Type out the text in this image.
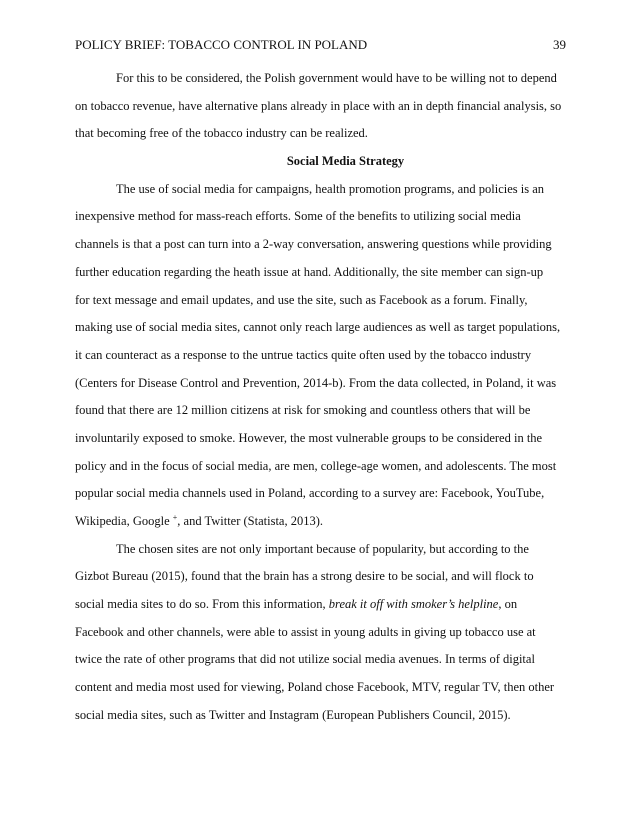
POLICY BRIEF: TOBACCO CONTROL IN POLAND	39
For this to be considered, the Polish government would have to be willing not to depend
on tobacco revenue, have alternative plans already in place with an in depth financial analysis, so
that becoming free of the tobacco industry can be realized.
Social Media Strategy
The use of social media for campaigns, health promotion programs, and policies is an
inexpensive method for mass-reach efforts. Some of the benefits to utilizing social media
channels is that a post can turn into a 2-way conversation, answering questions while providing
further education regarding the heath issue at hand. Additionally, the site member can sign-up
for text message and email updates, and use the site, such as Facebook as a forum. Finally,
making use of social media sites, cannot only reach large audiences as well as target populations,
it can counteract as a response to the untrue tactics quite often used by the tobacco industry
(Centers for Disease Control and Prevention, 2014-b). From the data collected, in Poland, it was
found that there are 12 million citizens at risk for smoking and countless others that will be
involuntarily exposed to smoke. However, the most vulnerable groups to be considered in the
policy and in the focus of social media, are men, college-age women, and adolescents. The most
popular social media channels used in Poland, according to a survey are: Facebook, YouTube,
Wikipedia, Google +, and Twitter (Statista, 2013).
The chosen sites are not only important because of popularity, but according to the
Gizbot Bureau (2015), found that the brain has a strong desire to be social, and will flock to
social media sites to do so. From this information, break it off with smoker’s helpline, on
Facebook and other channels, were able to assist in young adults in giving up tobacco use at
twice the rate of other programs that did not utilize social media avenues. In terms of digital
content and media most used for viewing, Poland chose Facebook, MTV, regular TV, then other
social media sites, such as Twitter and Instagram (European Publishers Council, 2015).
